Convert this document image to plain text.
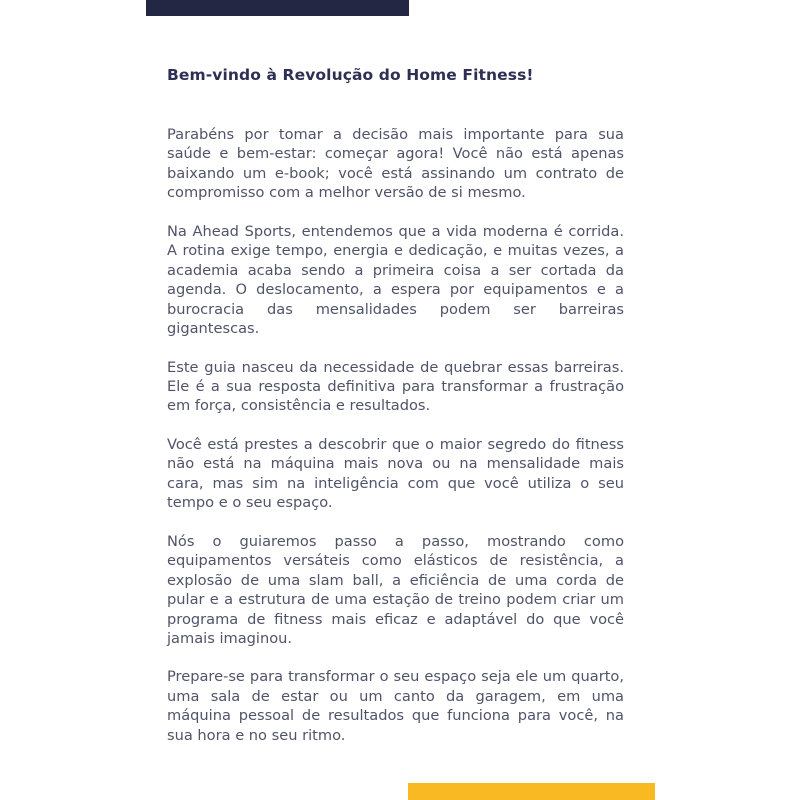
Bem-vindo à Revolução do Home Fitness!

Parabéns por tomar a decisão mais importante para sua saúde e bem-estar: começar agora! Você não está apenas baixando um e-book; você está assinando um contrato de compromisso com a melhor versão de si mesmo.

Na Ahead Sports, entendemos que a vida moderna é corrida. A rotina exige tempo, energia e dedicação, e muitas vezes, a academia acaba sendo a primeira coisa a ser cortada da agenda. O deslocamento, a espera por equipamentos e a burocracia das mensalidades podem ser barreiras gigantescas.

Este guia nasceu da necessidade de quebrar essas barreiras. Ele é a sua resposta definitiva para transformar a frustração em força, consistência e resultados.

Você está prestes a descobrir que o maior segredo do fitness não está na máquina mais nova ou na mensalidade mais cara, mas sim na inteligência com que você utiliza o seu tempo e o seu espaço.

Nós o guiaremos passo a passo, mostrando como equipamentos versáteis como elásticos de resistência, a explosão de uma slam ball, a eficiência de uma corda de pular e a estrutura de uma estação de treino podem criar um programa de fitness mais eficaz e adaptável do que você jamais imaginou.

Prepare-se para transformar o seu espaço seja ele um quarto, uma sala de estar ou um canto da garagem, em uma máquina pessoal de resultados que funciona para você, na sua hora e no seu ritmo.
